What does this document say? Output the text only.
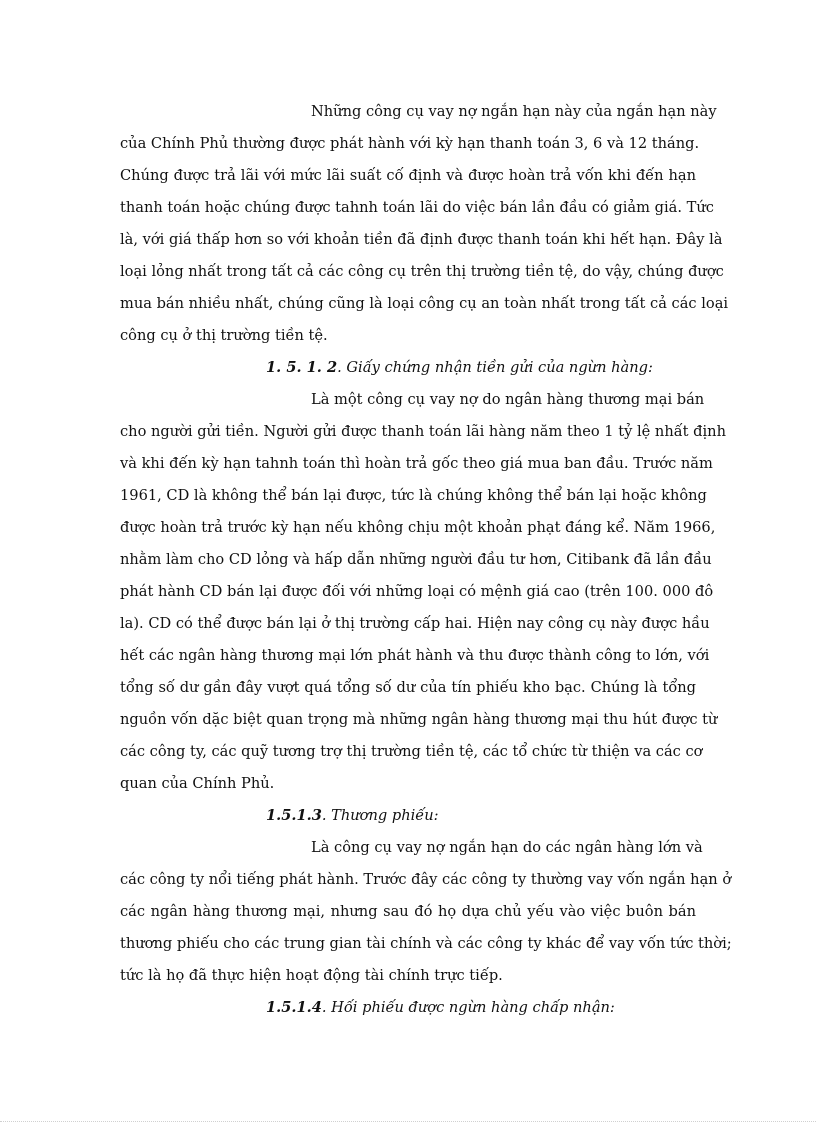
Những công cụ vay nợ ngắn hạn này của ngắn hạn này
của Chính Phủ thường được phát hành với kỳ hạn thanh toán 3, 6 và 12 tháng.
Chúng được trả lãi với mức lãi suất cố định và được hoàn trả vốn khi đến hạn
thanh toán hoặc chúng được tahnh toán lãi do việc bán lần đầu có giảm giá. Tức
là, với giá thấp hơn so với khoản tiền đã định được thanh toán khi hết hạn. Đây là
loại lỏng nhất trong tất cả các công cụ trên thị trường tiền tệ, do vậy, chúng được
mua bán nhiều nhất, chúng cũng là loại công cụ an toàn nhất trong tất cả các loại
công cụ ở thị trường tiền tệ.
1. 5. 1. 2. Giấy chứng nhận tiền gửi của ngừn hàng:
Là một công cụ vay nợ do ngân hàng thương mại bán
cho người gửi tiền. Người gửi được thanh toán lãi hàng năm theo 1 tỷ lệ nhất định
và khi đến kỳ hạn tahnh toán thì hoàn trả gốc theo giá mua ban đầu. Trước năm
1961, CD là không thể bán lại được, tức là chúng không thể bán lại hoặc không
được hoàn trả trước kỳ hạn nếu không chịu một khoản phạt đáng kể. Năm 1966,
nhằm làm cho CD lỏng và hấp dẫn những người đầu tư hơn, Citibank đã lần đầu
phát hành CD bán lại được đối với những loại có mệnh giá cao (trên 100. 000 đô
la). CD có thể được bán lại ở thị trường cấp hai. Hiện nay công cụ này được hầu
hết các ngân hàng thương mại lớn phát hành và thu được thành công to lớn, với
tổng số dư gần đây vượt quá tổng số dư của tín phiếu kho bạc. Chúng là tổng
nguồn vốn dặc biệt quan trọng mà những ngân hàng thương mại thu hút được từ
các công ty, các quỹ tương trợ thị trường tiền tệ, các tổ chức từ thiện va các cơ
quan của Chính Phủ.
1.5.1.3. Thương phiếu:
Là công cụ vay nợ ngắn hạn do các ngân hàng lớn và
các công ty nổi tiếng phát hành. Trước đây các công ty thường vay vốn ngắn hạn ở
các ngân hàng thương mại, nhưng sau đó họ dựa chủ yếu vào việc buôn bán
thương phiếu cho các trung gian tài chính và các công ty khác để vay vốn tức thời;
tức là họ đã thực hiện hoạt động tài chính trực tiếp.
1.5.1.4. Hối phiếu được ngừn hàng chấp nhận:
